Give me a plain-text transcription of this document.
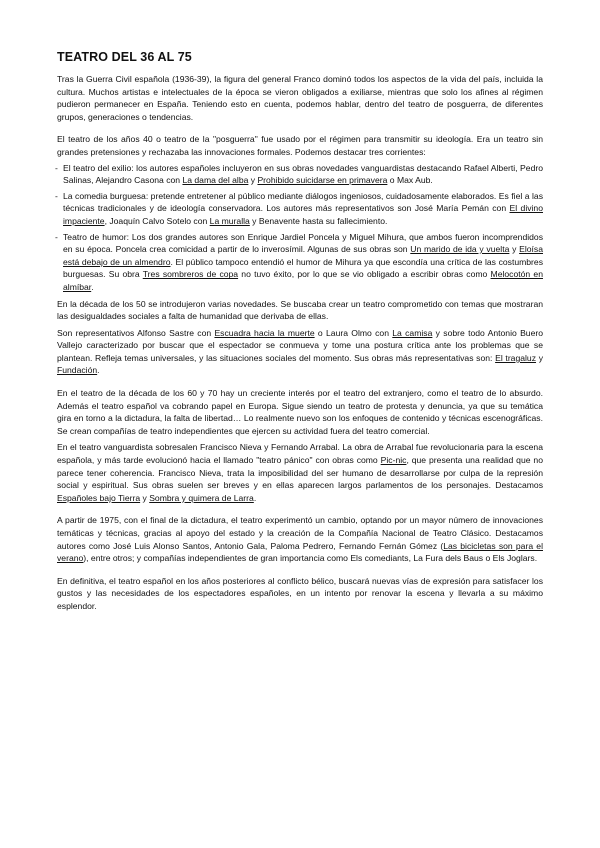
TEATRO DEL 36 AL 75

Tras la Guerra Civil española (1936-39), la figura del general Franco dominó todos los aspectos de la vida del país, incluida la cultura. Muchos artistas e intelectuales de la época se vieron obligados a exiliarse, mientras que solo los afines al régimen pudieron permanecer en España. Teniendo esto en cuenta, podemos hablar, dentro del teatro de posguerra, de diferentes grupos, generaciones o tendencias.

El teatro de los años 40 o teatro de la "posguerra" fue usado por el régimen para transmitir su ideología. Era un teatro sin grandes pretensiones y rechazaba las innovaciones formales. Podemos destacar tres corrientes:

- El teatro del exilio: los autores españoles incluyeron en sus obras novedades vanguardistas destacando Rafael Alberti, Pedro Salinas, Alejandro Casona con La dama del alba y Prohibido suicidarse en primavera o Max Aub.
- La comedia burguesa: pretende entretener al público mediante diálogos ingeniosos, cuidadosamente elaborados. Es fiel a las técnicas tradicionales y de ideología conservadora. Los autores más representativos son José María Pemán con El divino impaciente, Joaquín Calvo Sotelo con La muralla y Benavente hasta su fallecimiento.
- Teatro de humor: Los dos grandes autores son Enrique Jardiel Poncela y Miguel Mihura, que ambos fueron incomprendidos en su época. Poncela crea comicidad a partir de lo inverosímil. Algunas de sus obras son Un marido de ida y vuelta y Eloísa está debajo de un almendro. El público tampoco entendió el humor de Mihura ya que escondía una crítica de las costumbres burguesas. Su obra Tres sombreros de copa no tuvo éxito, por lo que se vio obligado a escribir obras como Melocotón en almíbar.

En la década de los 50 se introdujeron varias novedades. Se buscaba crear un teatro comprometido con temas que mostraran las desigualdades sociales a falta de humanidad que derivaba de ellas.

Son representativos Alfonso Sastre con Escuadra hacia la muerte o Laura Olmo con La camisa y sobre todo Antonio Buero Vallejo caracterizado por buscar que el espectador se conmueva y tome una postura crítica ante los problemas que se plantean. Refleja temas universales, y las situaciones sociales del momento. Sus obras más representativas son: El tragaluz y Fundación.

En el teatro de la década de los 60 y 70 hay un creciente interés por el teatro del extranjero, como el teatro de lo absurdo. Además el teatro español va cobrando papel en Europa. Sigue siendo un teatro de protesta y denuncia, ya que su temática gira en torno a la dictadura, la falta de libertad… Lo realmente nuevo son los enfoques de contenido y técnicas escenográficas. Se crean compañías de teatro independientes que ejercen su actividad fuera del teatro comercial.

En el teatro vanguardista sobresalen Francisco Nieva y Fernando Arrabal. La obra de Arrabal fue revolucionaria para la escena española, y más tarde evolucionó hacia el llamado "teatro pánico" con obras como Pic-nic, que presenta una realidad que no parece tener coherencia. Francisco Nieva, trata la imposibilidad del ser humano de desarrollarse por culpa de la represión social y espiritual. Sus obras suelen ser breves y en ellas aparecen largos parlamentos de los personajes. Destacamos Españoles bajo Tierra y Sombra y quimera de Larra.

A partir de 1975, con el final de la dictadura, el teatro experimentó un cambio, optando por un mayor número de innovaciones temáticas y técnicas, gracias al apoyo del estado y la creación de la Compañía Nacional de Teatro Clásico. Destacamos autores como José Luis Alonso Santos, Antonio Gala, Paloma Pedrero, Fernando Fernán Gómez (Las bicicletas son para el verano), entre otros; y compañías independientes de gran importancia como Els comediants, La Fura dels Baus o Els Joglars.

En definitiva, el teatro español en los años posteriores al conflicto bélico, buscará nuevas vías de expresión para satisfacer los gustos y las necesidades de los espectadores españoles, en un intento por renovar la escena y llevarla a su máximo esplendor.
